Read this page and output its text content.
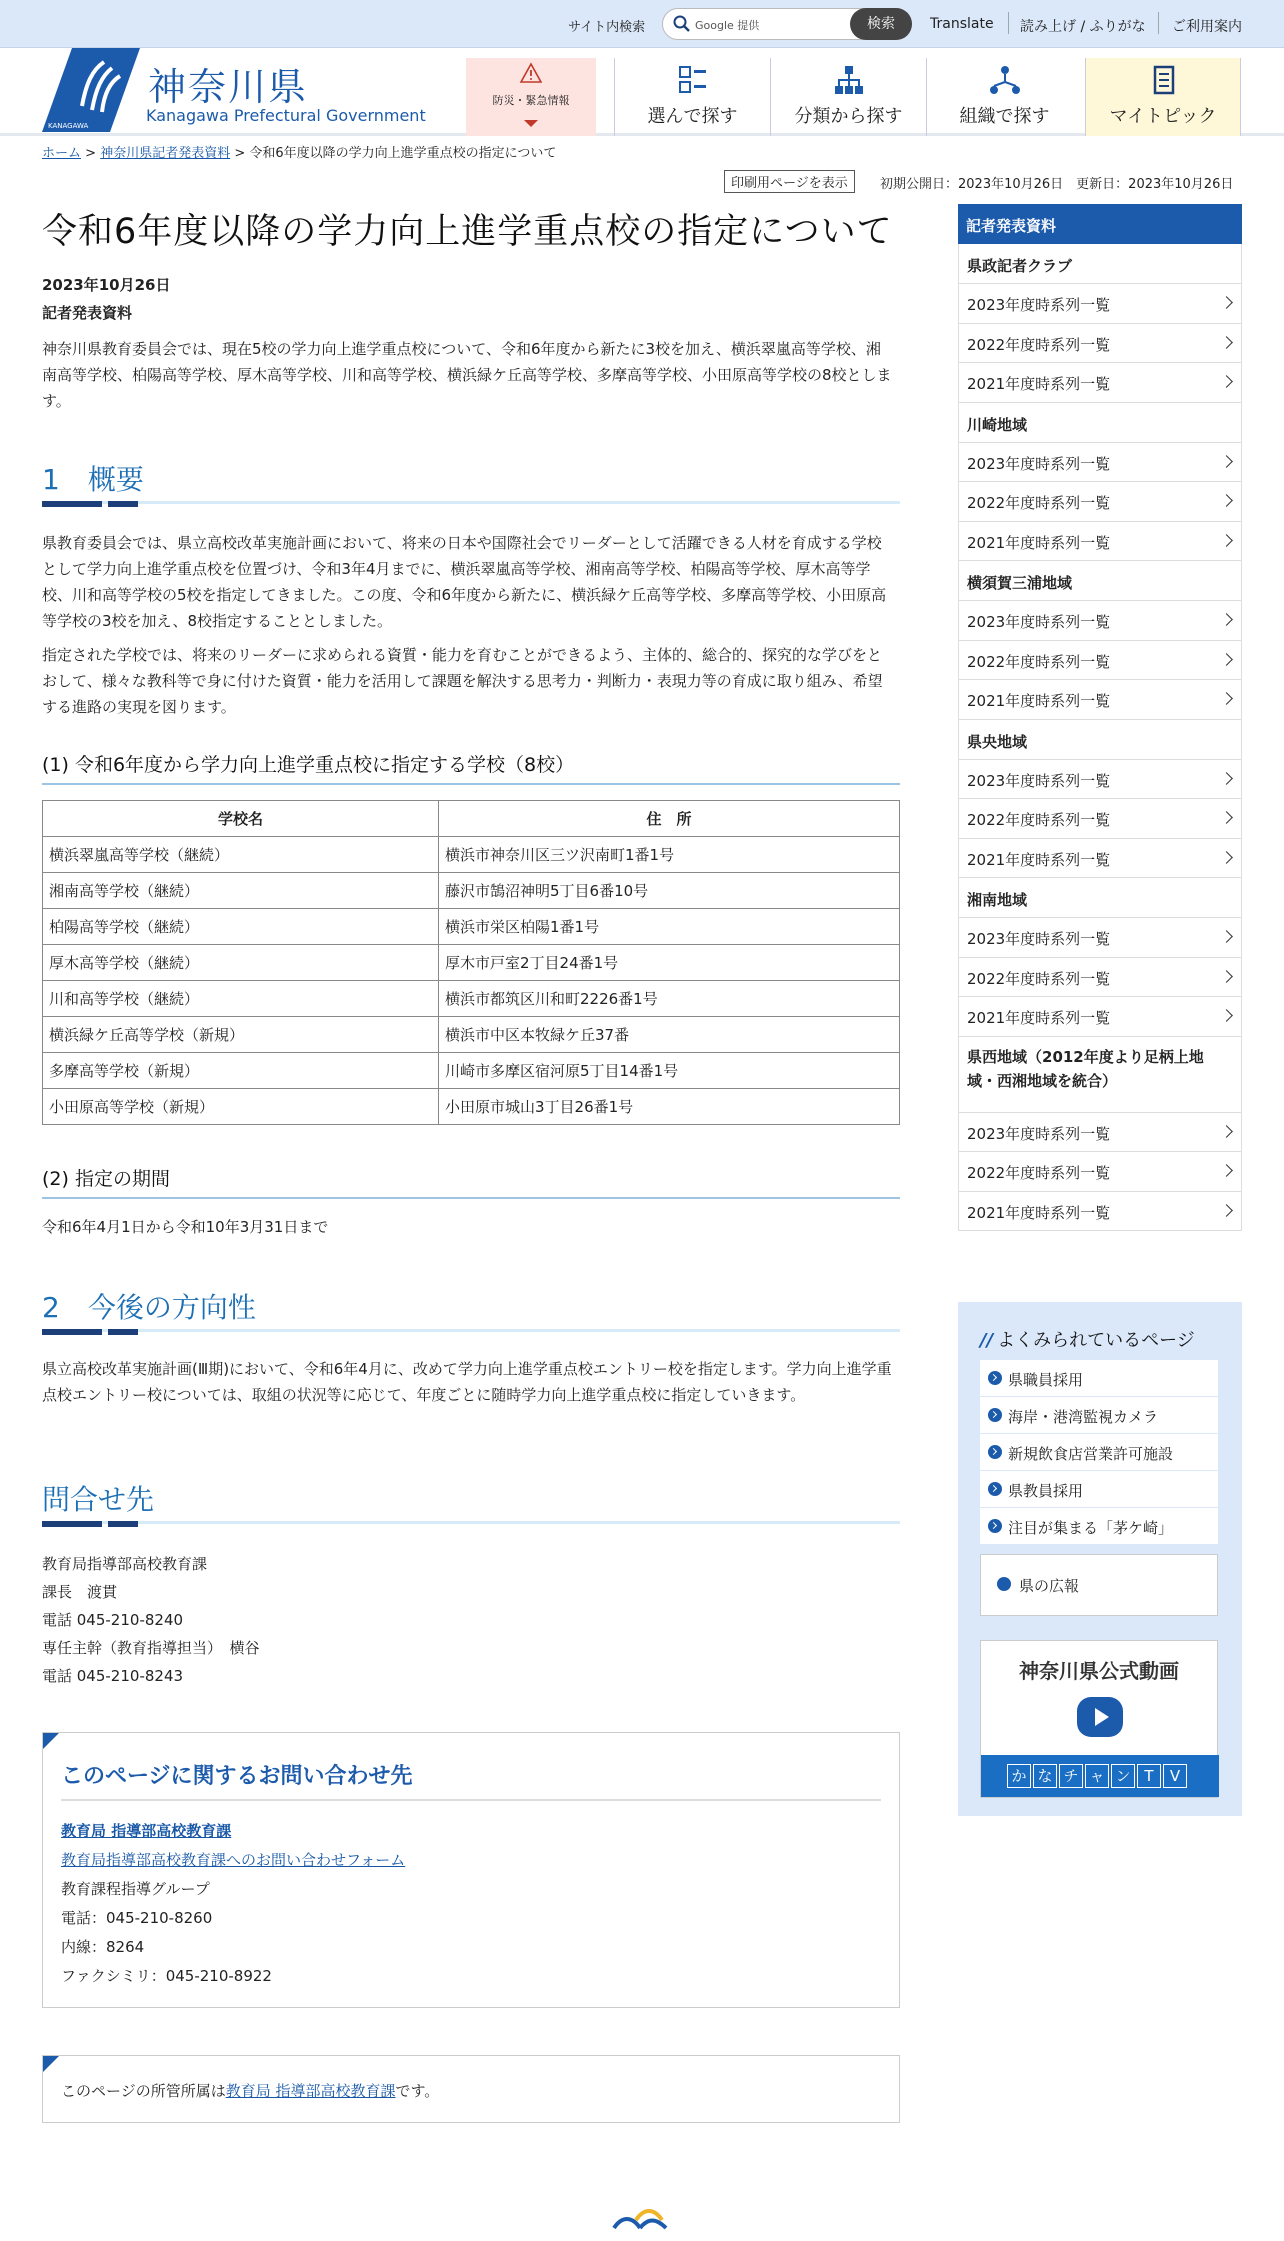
サイト内検索	Google 提供	検索	Translate 読み上げ / ふりがな ご利用案内
KANAGAWA
神奈川県
Kanagawa Prefectural Government
防災・緊急情報
選んで探す	分類から探す	組織で探す	マイトピック
ホーム > 神奈川県記者発表資料 > 令和6年度以降の学力向上進学重点校の指定について
印刷用ページを表示	初期公開日：2023年10月26日　更新日：2023年10月26日
令和6年度以降の学力向上進学重点校の指定について
2023年10月26日
記者発表資料

神奈川県教育委員会では、現在5校の学力向上進学重点校について、令和6年度から新たに3校を加え、横浜翠嵐高等学校、湘南高等学校、柏陽高等学校、厚木高等学校、川和高等学校、横浜緑ケ丘高等学校、多摩高等学校、小田原高等学校の8校とします。

1　概要

県教育委員会では、県立高校改革実施計画において、将来の日本や国際社会でリーダーとして活躍できる人材を育成する学校として学力向上進学重点校を位置づけ、令和3年4月までに、横浜翠嵐高等学校、湘南高等学校、柏陽高等学校、厚木高等学校、川和高等学校の5校を指定してきました。この度、令和6年度から新たに、横浜緑ケ丘高等学校、多摩高等学校、小田原高等学校の3校を加え、8校指定することとしました。

指定された学校では、将来のリーダーに求められる資質・能力を育むことができるよう、主体的、総合的、探究的な学びをとおして、様々な教科等で身に付けた資質・能力を活用して課題を解決する思考力・判断力・表現力等の育成に取り組み、希望する進路の実現を図ります。

(1) 令和6年度から学力向上進学重点校に指定する学校（8校）
学校名	住　所
横浜翠嵐高等学校（継続）	横浜市神奈川区三ツ沢南町1番1号
湘南高等学校（継続）	藤沢市鵠沼神明5丁目6番10号
柏陽高等学校（継続）	横浜市栄区柏陽1番1号
厚木高等学校（継続）	厚木市戸室2丁目24番1号
川和高等学校（継続）	横浜市都筑区川和町2226番1号
横浜緑ケ丘高等学校（新規）	横浜市中区本牧緑ケ丘37番
多摩高等学校（新規）	川崎市多摩区宿河原5丁目14番1号
小田原高等学校（新規）	小田原市城山3丁目26番1号
(2) 指定の期間

令和6年4月1日から令和10年3月31日まで

2　今後の方向性

県立高校改革実施計画(Ⅲ期)において、令和6年4月に、改めて学力向上進学重点校エントリー校を指定します。学力向上進学重点校エントリー校については、取組の状況等に応じて、年度ごとに随時学力向上進学重点校に指定していきます。

問合せ先
教育局指導部高校教育課
課長　渡貫
電話 045-210-8240
専任主幹（教育指導担当）　横谷
電話 045-210-8243
このページに関するお問い合わせ先
教育局 指導部高校教育課
教育局指導部高校教育課へのお問い合わせフォーム
教育課程指導グループ
電話：045-210-8260
内線：8264
ファクシミリ：045-210-8922
このページの所管所属は教育局 指導部高校教育課です。
記者発表資料
県政記者クラブ
2023年度時系列一覧
2022年度時系列一覧
2021年度時系列一覧
川崎地域
2023年度時系列一覧
2022年度時系列一覧
2021年度時系列一覧
横須賀三浦地域
2023年度時系列一覧
2022年度時系列一覧
2021年度時系列一覧
県央地域
2023年度時系列一覧
2022年度時系列一覧
2021年度時系列一覧
湘南地域
2023年度時系列一覧
2022年度時系列一覧
2021年度時系列一覧
県西地域（2012年度より足柄上地域・西湘地域を統合）
2023年度時系列一覧
2022年度時系列一覧
2021年度時系列一覧
// よくみられているページ
県職員採用
海岸・港湾監視カメラ
新規飲食店営業許可施設
県教員採用
注目が集まる「茅ケ崎」
県の広報
神奈川県公式動画
か な チ ャ ン T	V
